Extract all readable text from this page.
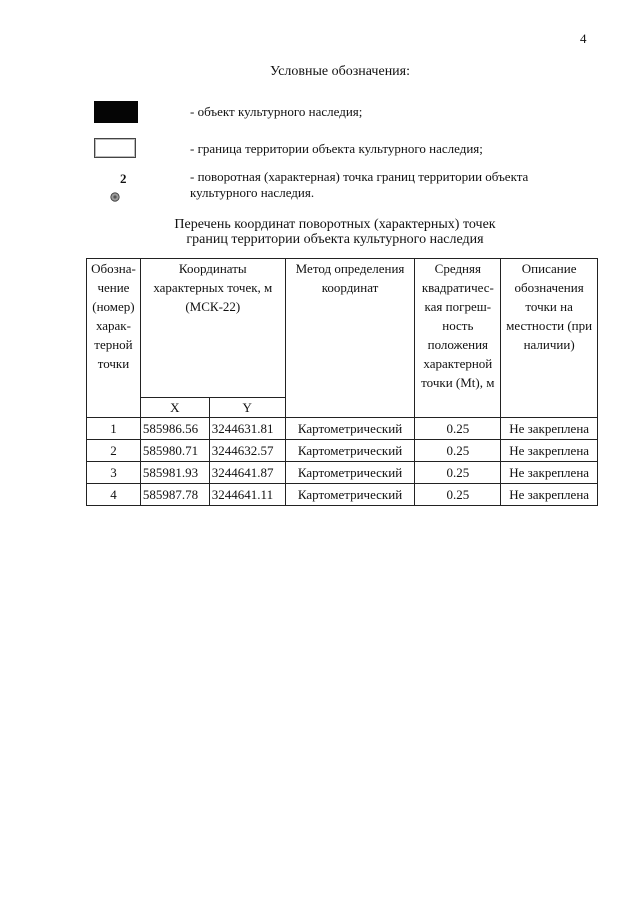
4
Условные обозначения:
- объект культурного наследия;
- граница территории объекта культурного наследия;
2	- поворотная (характерная) точка границ территории объекта культурного наследия.
Перечень координат поворотных (характерных) точек
границ территории объекта культурного наследия
Обозначение (номер) характерной точки	Координаты характерных точек, м (МСК-22)		Метод определения координат	Средняя квадратическая погрешность положения характерной точки (Mt), м	Описание обозначения точки на местности (при наличии)
	X	Y			
1	585986.56	3244631.81	Картометрический	0.25	Не закреплена
2	585980.71	3244632.57	Картометрический	0.25	Не закреплена
3	585981.93	3244641.87	Картометрический	0.25	Не закреплена
4	585987.78	3244641.11	Картометрический	0.25	Не закреплена
